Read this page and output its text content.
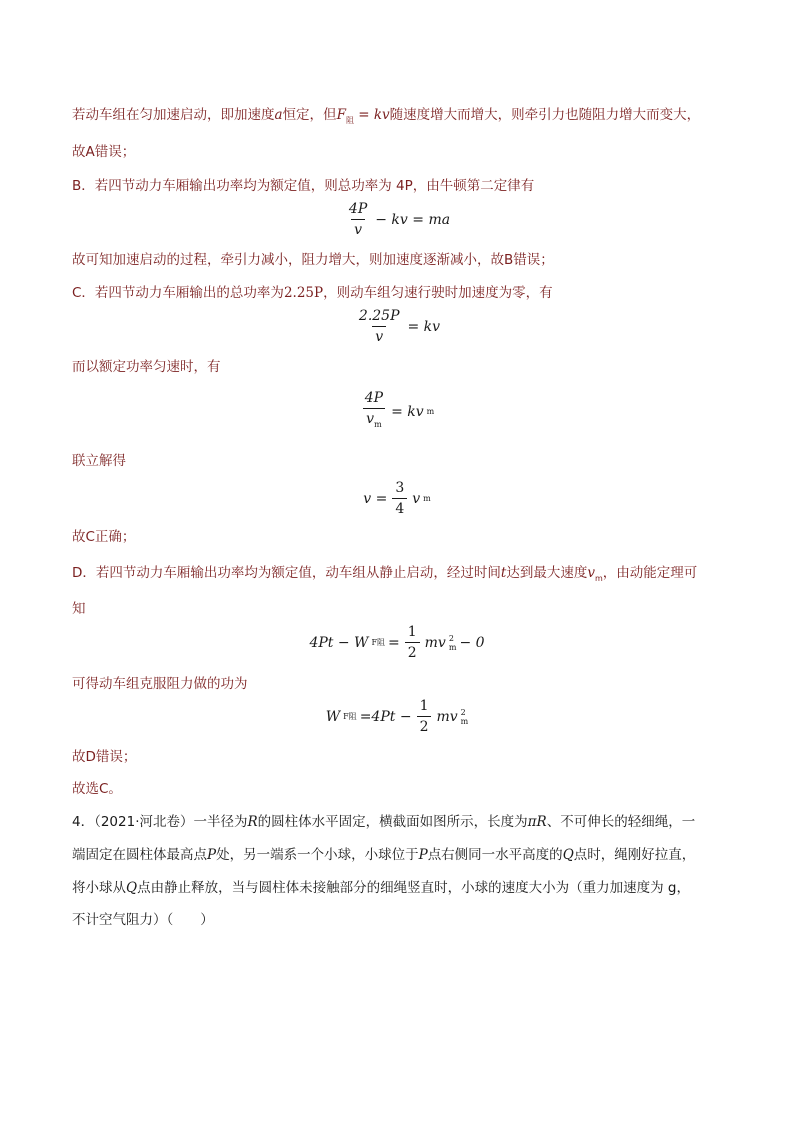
若动车组在匀加速启动，即加速度a恒定，但$F_阻$ = kv随速度增大而增大，则牵引力也随阻力增大而变大，
故A错误；
B．若四节动力车厢输出功率均为额定值，则总功率为 4P，由牛顿第二定律有
$\frac{4P}{v}$ − kv = ma
故可知加速启动的过程，牵引力减小，阻力增大，则加速度逐渐减小，故B错误；
C．若四节动力车厢输出的总功率为2.25P，则动车组匀速行驶时加速度为零，有
$\frac{2.25P}{v}$ = kv
而以额定功率匀速时，有
$\frac{4P}{v_m}$ = kv m
联立解得
$v = \frac{3}{4}$ v m
故C正确；
D．若四节动力车厢输出功率均为额定值，动车组从静止启动，经过时间t达到最大速度$v_m$，由动能定理可
知
4Pt − W F阻 = $\frac{1}{2}$ mv 2
m − 0
可得动车组克服阻力做的功为
W F阻 $=4Pt - \frac{1}{2}$ mv 2
m
故D错误；
故选C。
4．（2021·河北卷）一半径为R的圆柱体水平固定，横截面如图所示，长度为πR、不可伸长的轻细绳，一
端固定在圆柱体最高点P处，另一端系一个小球，小球位于P点右侧同一水平高度的Q点时，绳刚好拉直，
将小球从Q点由静止释放，当与圆柱体未接触部分的细绳竖直时，小球的速度大小为（重力加速度为 g，
不计空气阻力）（　　）
